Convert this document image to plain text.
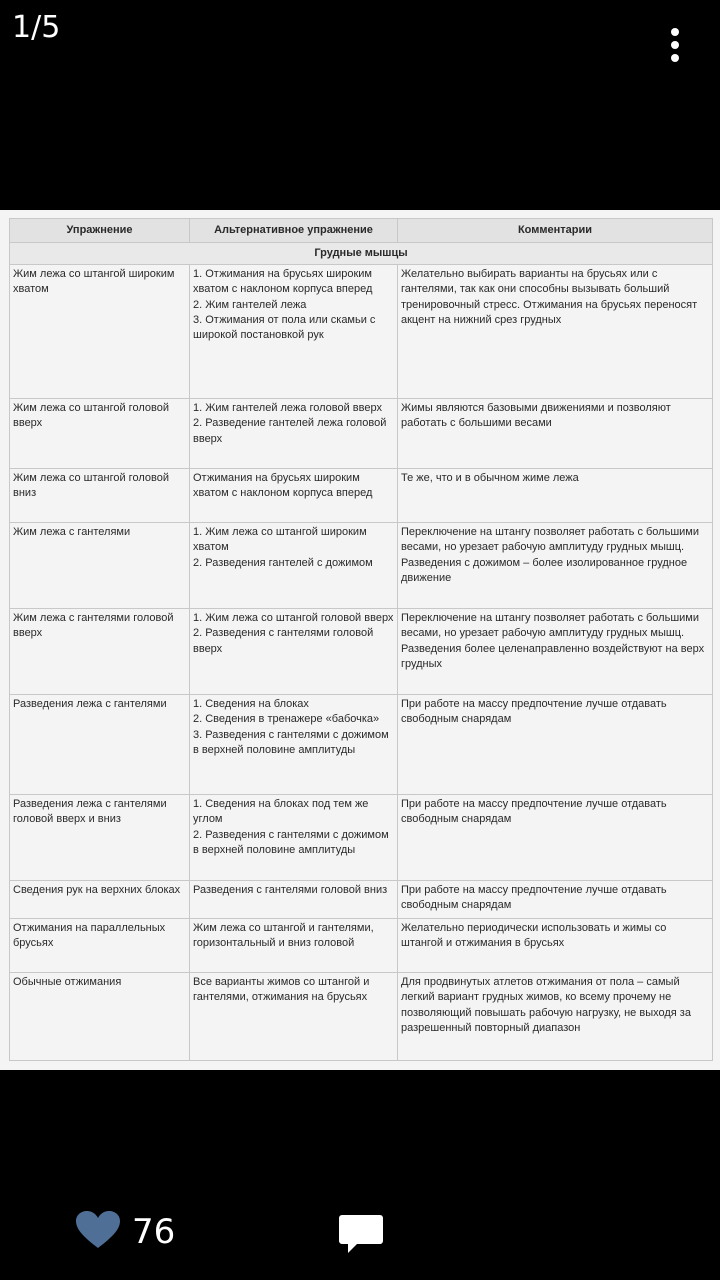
1/5
Упражнение	Альтернативное упражнение	Комментарии
Грудные мышцы		
Жим лежа со штангой широким хватом	1. Отжимания на брусьях широким хватом с наклоном корпуса вперед
2. Жим гантелей лежа
3. Отжимания от пола или скамьи с широкой постановкой рук	Желательно выбирать варианты на брусьях или с гантелями, так как они способны вызывать больший тренировочный стресс. Отжимания на брусьях переносят акцент на нижний срез грудных
Жим лежа со штангой головой вверх	1. Жим гантелей лежа головой вверх
2. Разведение гантелей лежа головой вверх	Жимы являются базовыми движениями и позволяют работать с большими весами
Жим лежа со штангой головой вниз	Отжимания на брусьях широким хватом с наклоном корпуса вперед	Те же, что и в обычном жиме лежа
Жим лежа с гантелями	1. Жим лежа со штангой широким хватом
2. Разведения гантелей с дожимом	Переключение на штангу позволяет работать с большими весами, но урезает рабочую амплитуду грудных мышц. Разведения с дожимом – более изолированное грудное движение
Жим лежа с гантелями головой вверх	1. Жим лежа со штангой головой вверх
2. Разведения с гантелями головой вверх	Переключение на штангу позволяет работать с большими весами, но урезает рабочую амплитуду грудных мышц. Разведения более целенаправленно воздействуют на верх грудных
Разведения лежа с гантелями	1. Сведения на блоках
2. Сведения в тренажере «бабочка»
3. Разведения с гантелями с дожимом в верхней половине амплитуды	При работе на массу предпочтение лучше отдавать свободным снарядам
Разведения лежа с гантелями головой вверх и вниз	1. Сведения на блоках под тем же углом
2. Разведения с гантелями с дожимом в верхней половине амплитуды	При работе на массу предпочтение лучше отдавать свободным снарядам
Сведения рук на верхних блоках	Разведения с гантелями головой вниз	При работе на массу предпочтение лучше отдавать свободным снарядам
Отжимания на параллельных брусьях	Жим лежа со штангой и гантелями, горизонтальный и вниз головой	Желательно периодически использовать и жимы со штангой и отжимания в брусьях
Обычные отжимания	Все варианты жимов со штангой и гантелями, отжимания на брусьях	Для продвинутых атлетов отжимания от пола – самый легкий вариант грудных жимов, ко всему прочему не позволяющий повышать рабочую нагрузку, не выходя за разрешенный повторный диапазон
76
